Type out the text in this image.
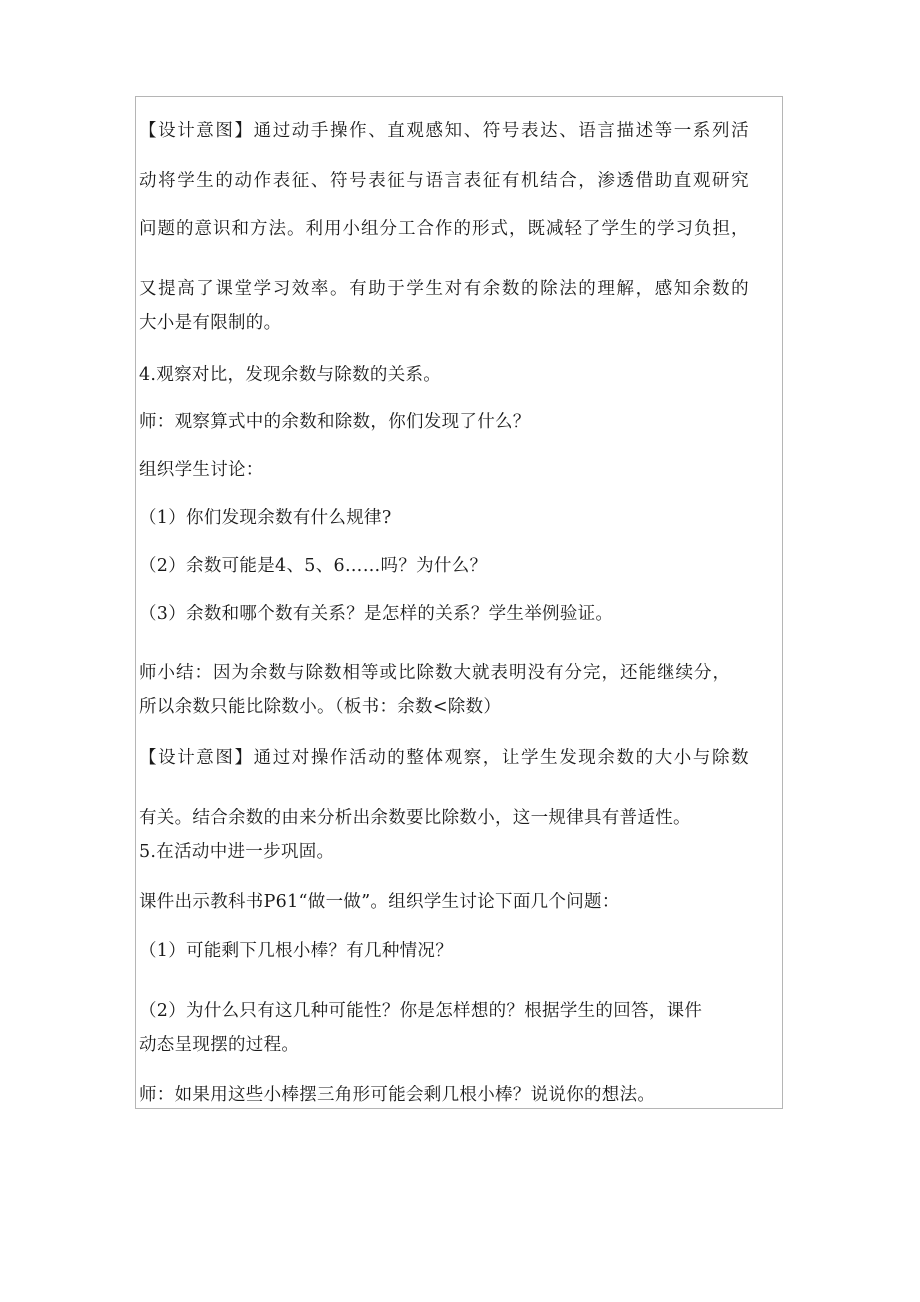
【设计意图】通过动手操作、直观感知、符号表达、语言描述等一系列活
动将学生的动作表征、符号表征与语言表征有机结合，渗透借助直观研究
问题的意识和方法。利用小组分工合作的形式，既减轻了学生的学习负担，
又提高了课堂学习效率。有助于学生对有余数的除法的理解，感知余数的
大小是有限制的。
4.观察对比，发现余数与除数的关系。
师：观察算式中的余数和除数，你们发现了什么？
组织学生讨论：
（1）你们发现余数有什么规律?
（2）余数可能是4、5、6……吗？为什么？
（3）余数和哪个数有关系？是怎样的关系？学生举例验证。
师小结：因为余数与除数相等或比除数大就表明没有分完，还能继续分，
所以余数只能比除数小。（板书：余数<除数）
【设计意图】通过对操作活动的整体观察，让学生发现余数的大小与除数
有关。结合余数的由来分析出余数要比除数小，这一规律具有普适性。
5.在活动中进一步巩固。
课件出示教科书P61“做一做”。组织学生讨论下面几个问题：
（1）可能剩下几根小棒？有几种情况？
（2）为什么只有这几种可能性？你是怎样想的？根据学生的回答，课件
动态呈现摆的过程。
师：如果用这些小棒摆三角形可能会剩几根小棒？说说你的想法。
